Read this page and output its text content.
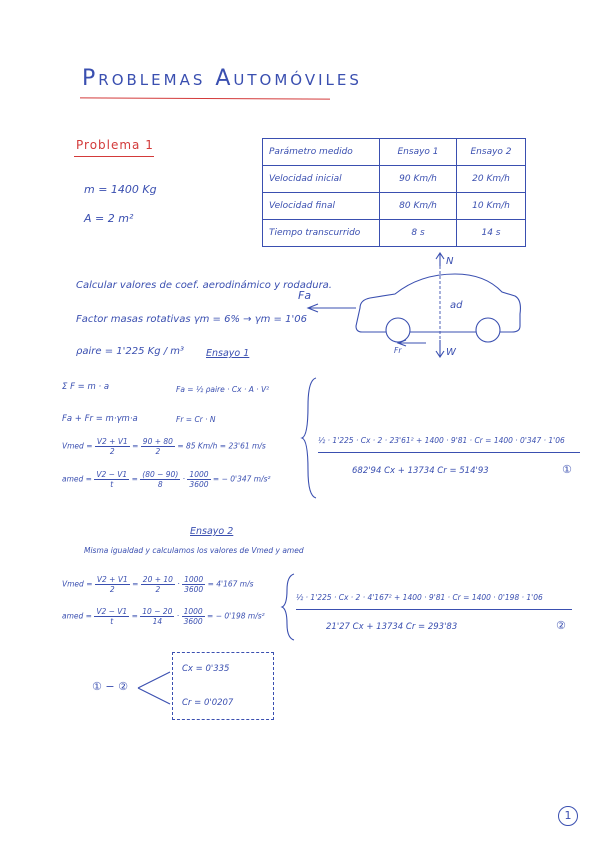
Problemas Automóviles
Problema 1
m = 1400 Kg
A = 2 m²
Parámetro medido	Ensayo 1	Ensayo 2
Velocidad inicial	90 Km/h	20 Km/h
Velocidad final	80 Km/h	10 Km/h
Tiempo transcurrido	8 s	14 s
Fa
N
W
ad
Fr
Calcular valores de coef. aerodinámico y rodadura.
Factor masas rotativas γm = 6% → γm = 1'06
ρaire = 1'225 Kg / m³ Ensayo 1
Σ F = m · a
Fa + Fr = m·γm·a
Fa = ½ ρaire · Cx · A · V²
Fr = Cr · N
Vmed = $\frac{V2 + V1}{2} = \frac{90 + 80}{2} = 85$ Km/h = 23'61 m/s
amed = $\frac{V2 - V1}{t} = \frac{(80 - 90)}{8} \cdot \frac{1000}{3600}$ = − 0'347 m/s²
½ · 1'225 · Cx · 2 · 23'61² + 1400 · 9'81 · Cr = 1400 · 0'347 · 1'06
682'94 Cx + 13734 Cr = 514'93	①
Ensayo 2
Misma igualdad y calculamos los valores de Vmed y amed
Vmed = $\frac{V2 + V1}{2} = \frac{20 + 10}{2} \cdot \frac{1000}{3600} = 4'167$ m/s
amed = $\frac{V2 - V1}{t} = \frac{10 - 20}{14} \cdot \frac{1000}{3600}$ = − 0'198 m/s²
½ · 1'225 · Cx · 2 · 4'167² + 1400 · 9'81 · Cr = 1400 · 0'198 · 1'06
21'27 Cx + 13734 Cr = 293'83	②
① − ②
Cx = 0'335
Cr = 0'0207
1
